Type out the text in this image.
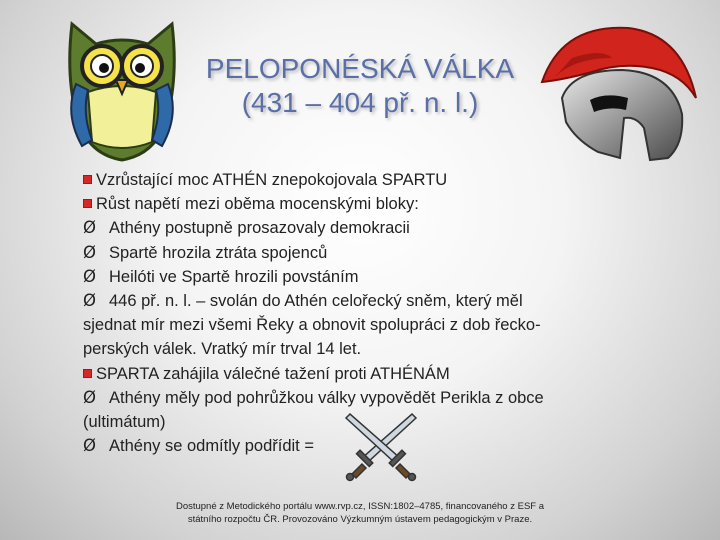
PELOPONÉSKÁ VÁLKA
(431 – 404 př. n. l.)
Vzrůstající moc ATHÉN znepokojovala SPARTU
Růst napětí mezi oběma mocenskými bloky:
Ø Athény postupně prosazovaly demokracii
Ø Spartě hrozila ztráta spojenců
Ø Heilóti ve Spartě hrozili povstáním
Ø 446 př. n. l. – svolán do Athén celořecký sněm, který měl
sjednat mír mezi všemi Řeky a obnovit spolupráci z dob řecko-perských válek. Vratký mír trval 14 let.
SPARTA zahájila válečné tažení proti ATHÉNÁM
Ø Athény měly pod pohrůžkou války vypovědět Perikla z obce
(ultimátum)
Ø Athény se odmítly podřídit =
Dostupné z Metodického portálu www.rvp.cz, ISSN:1802–4785, financovaného z ESF a
státního rozpočtu ČR. Provozováno Výzkumným ústavem pedagogickým v Praze.
